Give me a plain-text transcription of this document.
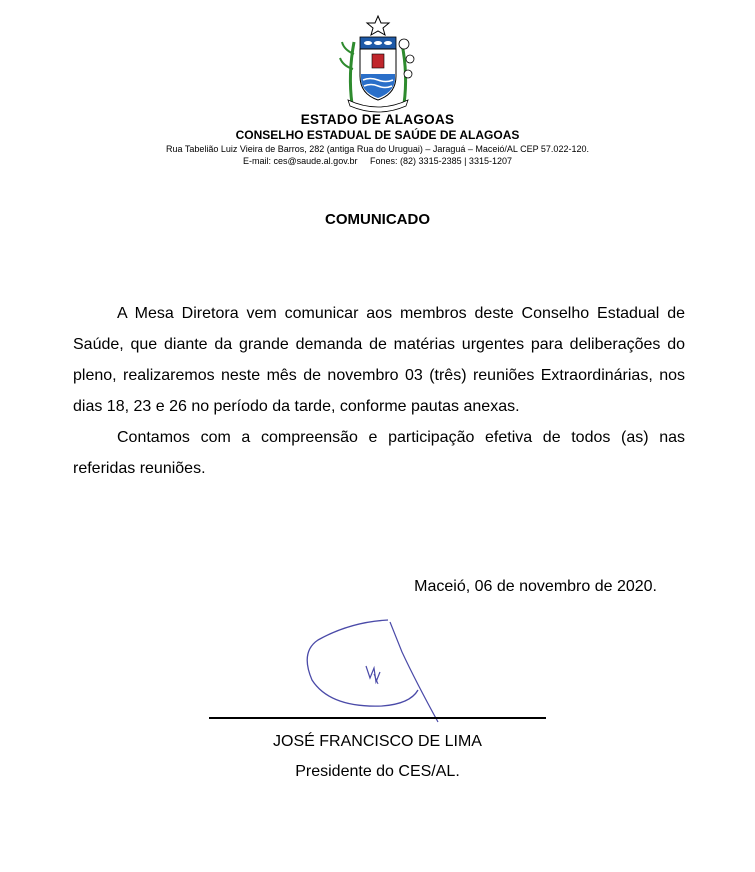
ESTADO DE ALAGOAS
CONSELHO ESTADUAL DE SAÚDE DE ALAGOAS
Rua Tabelião Luiz Vieira de Barros, 282 (antiga Rua do Uruguai) – Jaraguá – Maceió/AL CEP 57.022-120.
E-mail: ces@saude.al.gov.br     Fones: (82) 3315-2385 | 3315-1207
COMUNICADO

A Mesa Diretora vem comunicar aos membros deste Conselho Estadual de Saúde, que diante da grande demanda de matérias urgentes para deliberações do pleno, realizaremos neste mês de novembro 03 (três) reuniões Extraordinárias, nos dias 18, 23 e 26 no período da tarde, conforme pautas anexas.

Contamos com a compreensão e participação efetiva de todos (as) nas referidas reuniões.

Maceió, 06 de novembro de 2020.
JOSÉ FRANCISCO DE LIMA
Presidente do CES/AL.
